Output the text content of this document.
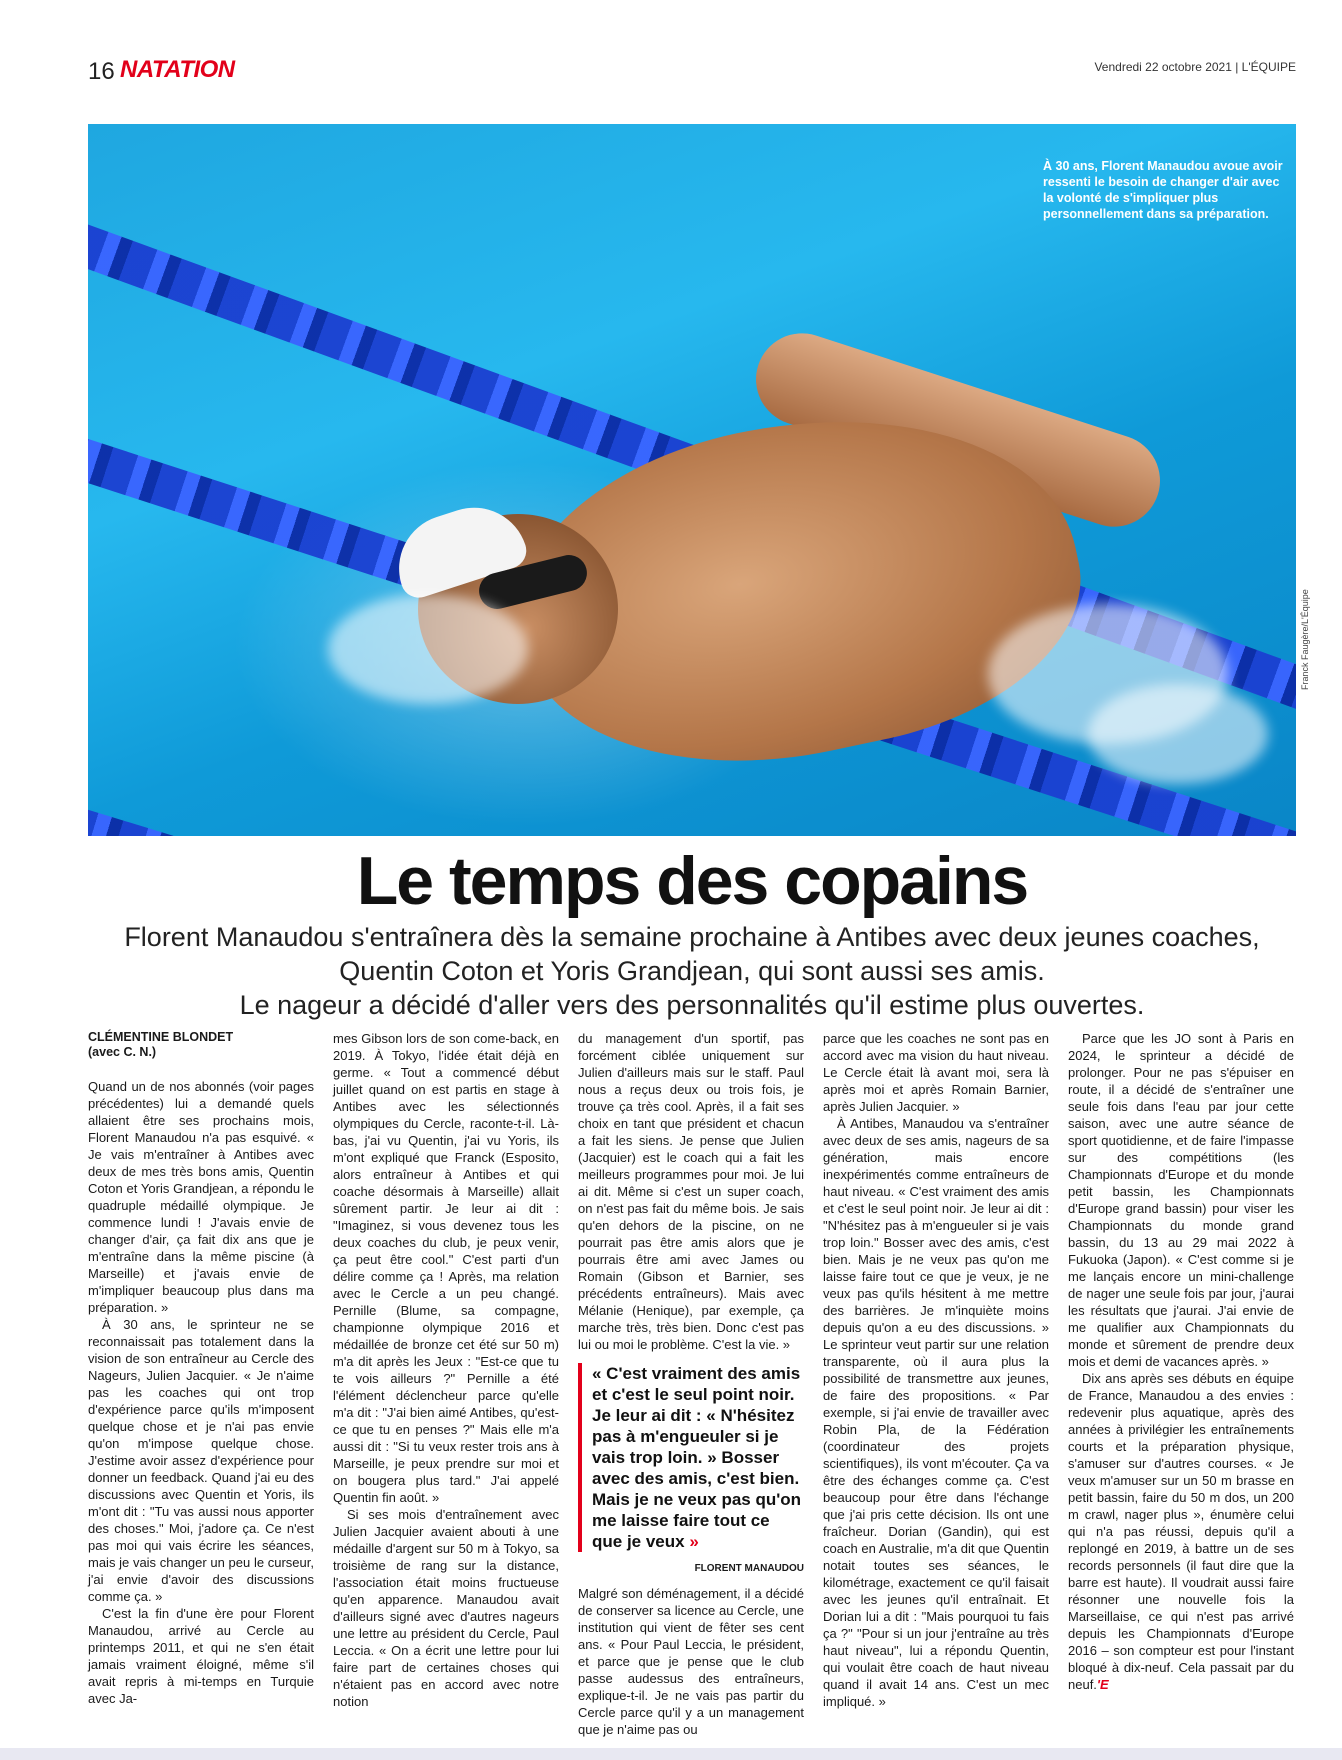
16 NATATION	Vendredi 22 octobre 2021 | L'ÉQUIPE
À 30 ans, Florent Manaudou avoue avoir ressenti le besoin de changer d'air avec la volonté de s'impliquer plus personnellement dans sa préparation.
Franck Faugère/L'Équipe
Le temps des copains
Florent Manaudou s'entraînera dès la semaine prochaine à Antibes avec deux jeunes coaches,
Quentin Coton et Yoris Grandjean, qui sont aussi ses amis.
Le nageur a décidé d'aller vers des personnalités qu'il estime plus ouvertes.
CLÉMENTINE BLONDET
(avec C. N.)

Quand un de nos abonnés (voir pages précédentes) lui a demandé quels allaient être ses prochains mois, Florent Manaudou n'a pas esquivé. « Je vais m'entraîner à Antibes avec deux de mes très bons amis, Quentin Coton et Yoris Grandjean, a répondu le quadruple médaillé olympique. Je commence lundi ! J'avais envie de changer d'air, ça fait dix ans que je m'entraîne dans la même piscine (à Marseille) et j'avais envie de m'impliquer beaucoup plus dans ma préparation. »

À 30 ans, le sprinteur ne se reconnaissait pas totalement dans la vision de son entraîneur au Cercle des Nageurs, Julien Jacquier. « Je n'aime pas les coaches qui ont trop d'expérience parce qu'ils m'imposent quelque chose et je n'ai pas envie qu'on m'impose quelque chose. J'estime avoir assez d'expérience pour donner un feedback. Quand j'ai eu des discussions avec Quentin et Yoris, ils m'ont dit : "Tu vas aussi nous apporter des choses." Moi, j'adore ça. Ce n'est pas moi qui vais écrire les séances, mais je vais changer un peu le curseur, j'ai envie d'avoir des discussions comme ça. »

C'est la fin d'une ère pour Florent Manaudou, arrivé au Cercle au printemps 2011, et qui ne s'en était jamais vraiment éloigné, même s'il avait repris à mi-temps en Turquie avec Ja-

mes Gibson lors de son come-back, en 2019. À Tokyo, l'idée était déjà en germe. « Tout a commencé début juillet quand on est partis en stage à Antibes avec les sélectionnés olympiques du Cercle, raconte-t-il. Là-bas, j'ai vu Quentin, j'ai vu Yoris, ils m'ont expliqué que Franck (Esposito, alors entraîneur à Antibes et qui coache désormais à Marseille) allait sûrement partir. Je leur ai dit : "Imaginez, si vous devenez tous les deux coaches du club, je peux venir, ça peut être cool." C'est parti d'un délire comme ça ! Après, ma relation avec le Cercle a un peu changé. Pernille (Blume, sa compagne, championne olympique 2016 et médaillée de bronze cet été sur 50 m) m'a dit après les Jeux : "Est-ce que tu te vois ailleurs ?" Pernille a été l'élément déclencheur parce qu'elle m'a dit : "J'ai bien aimé Antibes, qu'est-ce que tu en penses ?" Mais elle m'a aussi dit : "Si tu veux rester trois ans à Marseille, je peux prendre sur moi et on bougera plus tard." J'ai appelé Quentin fin août. »

Si ses mois d'entraînement avec Julien Jacquier avaient abouti à une médaille d'argent sur 50 m à Tokyo, sa troisième de rang sur la distance, l'association était moins fructueuse qu'en apparence. Manaudou avait d'ailleurs signé avec d'autres nageurs une lettre au président du Cercle, Paul Leccia. « On a écrit une lettre pour lui faire part de certaines choses qui n'étaient pas en accord avec notre notion

du management d'un sportif, pas forcément ciblée uniquement sur Julien d'ailleurs mais sur le staff. Paul nous a reçus deux ou trois fois, je trouve ça très cool. Après, il a fait ses choix en tant que président et chacun a fait les siens. Je pense que Julien (Jacquier) est le coach qui a fait les meilleurs programmes pour moi. Je lui ai dit. Même si c'est un super coach, on n'est pas fait du même bois. Je sais qu'en dehors de la piscine, on ne pourrait pas être amis alors que je pourrais être ami avec James ou Romain (Gibson et Barnier, ses précédents entraîneurs). Mais avec Mélanie (Henique), par exemple, ça marche très, très bien. Donc c'est pas lui ou moi le problème. C'est la vie. »

« C'est vraiment des amis et c'est le seul point noir. Je leur ai dit : « N'hésitez pas à m'engueuler si je vais trop loin. » Bosser avec des amis, c'est bien. Mais je ne veux pas qu'on me laisse faire tout ce que je veux »
FLORENT MANAUDOU

Malgré son déménagement, il a décidé de conserver sa licence au Cercle, une institution qui vient de fêter ses cent ans. « Pour Paul Leccia, le président, et parce que je pense que le club passe audessus des entraîneurs, explique-t-il. Je ne vais pas partir du Cercle parce qu'il y a un management que je n'aime pas ou

parce que les coaches ne sont pas en accord avec ma vision du haut niveau. Le Cercle était là avant moi, sera là après moi et après Romain Barnier, après Julien Jacquier. »

À Antibes, Manaudou va s'entraîner avec deux de ses amis, nageurs de sa génération, mais encore inexpérimentés comme entraîneurs de haut niveau. « C'est vraiment des amis et c'est le seul point noir. Je leur ai dit : "N'hésitez pas à m'engueuler si je vais trop loin." Bosser avec des amis, c'est bien. Mais je ne veux pas qu'on me laisse faire tout ce que je veux, je ne veux pas qu'ils hésitent à me mettre des barrières. Je m'inquiète moins depuis qu'on a eu des discussions. » Le sprinteur veut partir sur une relation transparente, où il aura plus la possibilité de transmettre aux jeunes, de faire des propositions. « Par exemple, si j'ai envie de travailler avec Robin Pla, de la Fédération (coordinateur des projets scientifiques), ils vont m'écouter. Ça va être des échanges comme ça. C'est beaucoup pour être dans l'échange que j'ai pris cette décision. Ils ont une fraîcheur. Dorian (Gandin), qui est coach en Australie, m'a dit que Quentin notait toutes ses séances, le kilométrage, exactement ce qu'il faisait avec les jeunes qu'il entraînait. Et Dorian lui a dit : "Mais pourquoi tu fais ça ?" "Pour si un jour j'entraîne au très haut niveau", lui a répondu Quentin, qui voulait être coach de haut niveau quand il avait 14 ans. C'est un mec impliqué. »

Parce que les JO sont à Paris en 2024, le sprinteur a décidé de prolonger. Pour ne pas s'épuiser en route, il a décidé de s'entraîner une seule fois dans l'eau par jour cette saison, avec une autre séance de sport quotidienne, et de faire l'impasse sur des compétitions (les Championnats d'Europe et du monde petit bassin, les Championnats d'Europe grand bassin) pour viser les Championnats du monde grand bassin, du 13 au 29 mai 2022 à Fukuoka (Japon). « C'est comme si je me lançais encore un mini-challenge de nager une seule fois par jour, j'aurai les résultats que j'aurai. J'ai envie de me qualifier aux Championnats du monde et sûrement de prendre deux mois et demi de vacances après. »

Dix ans après ses débuts en équipe de France, Manaudou a des envies : redevenir plus aquatique, après des années à privilégier les entraînements courts et la préparation physique, s'amuser sur d'autres courses. « Je veux m'amuser sur un 50 m brasse en petit bassin, faire du 50 m dos, un 200 m crawl, nager plus », énumère celui qui n'a pas réussi, depuis qu'il a replongé en 2019, à battre un de ses records personnels (il faut dire que la barre est haute). Il voudrait aussi faire résonner une nouvelle fois la Marseillaise, ce qui n'est pas arrivé depuis les Championnats d'Europe 2016 – son compteur est pour l'instant bloqué à dix-neuf. Cela passait par du neuf.'E
